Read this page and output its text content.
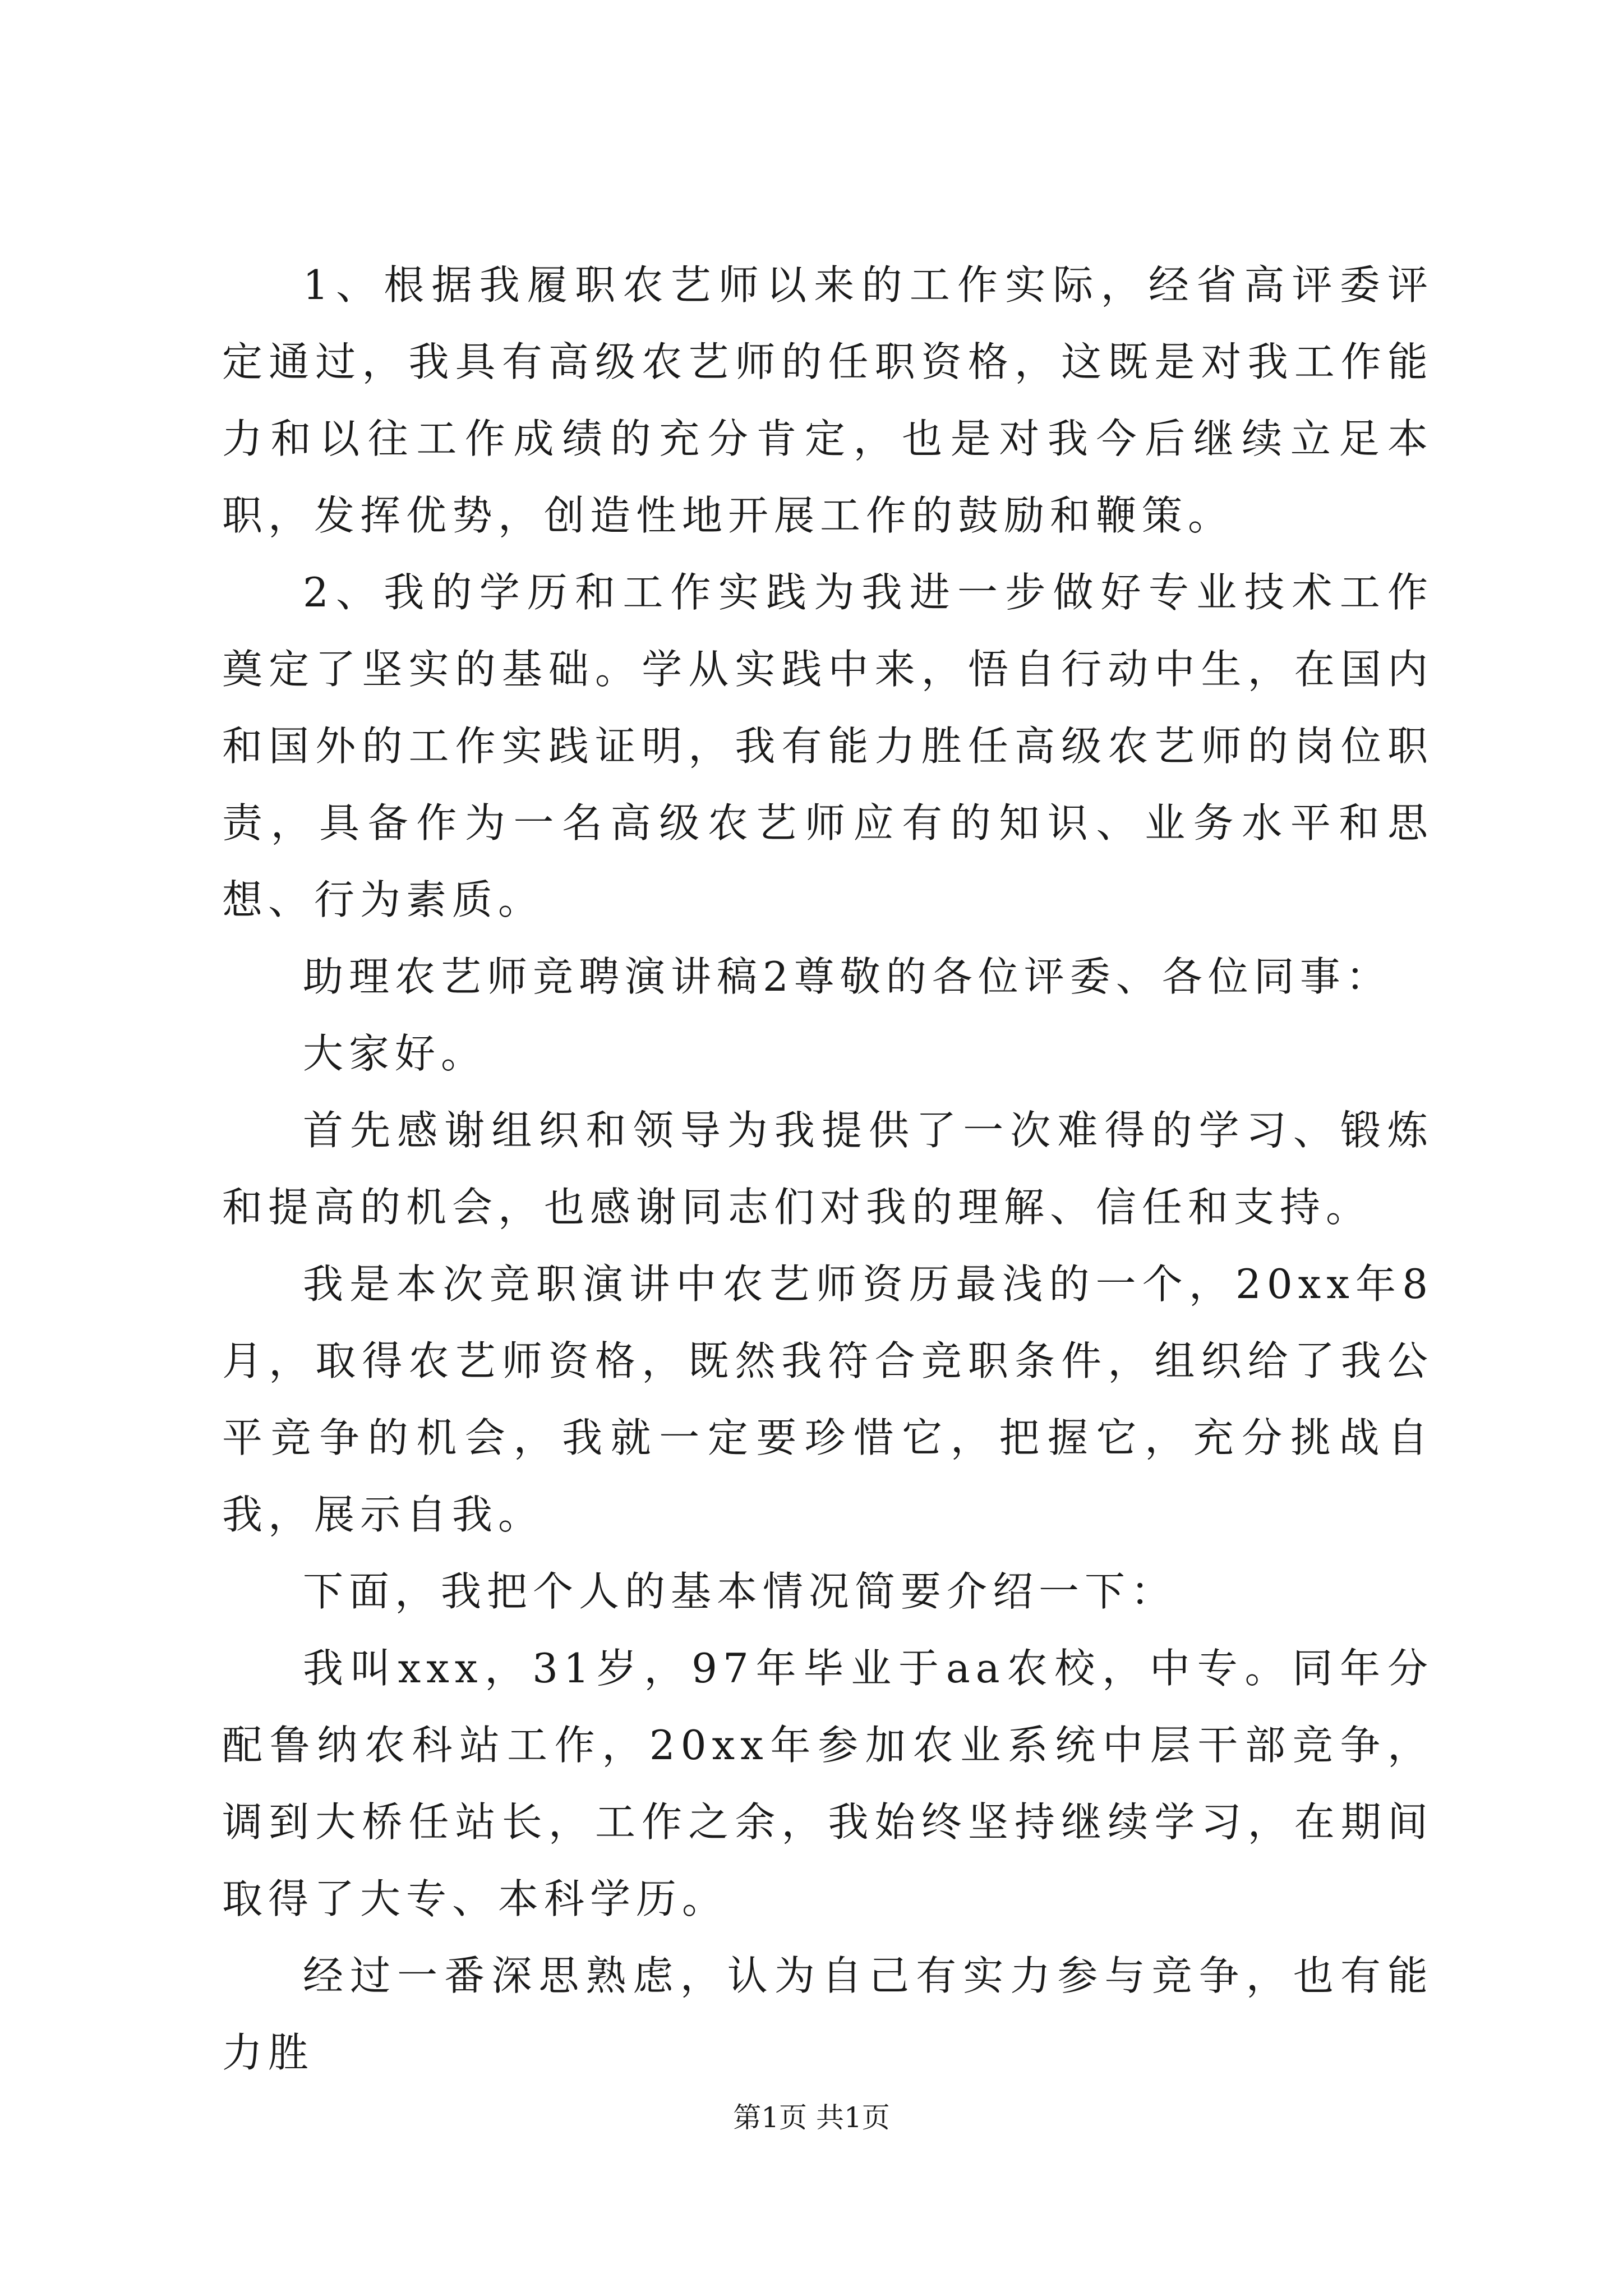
1、根据我履职农艺师以来的工作实际，经省高评委评定通过，我具有高级农艺师的任职资格，这既是对我工作能力和以往工作成绩的充分肯定，也是对我今后继续立足本职，发挥优势，创造性地开展工作的鼓励和鞭策。

2、我的学历和工作实践为我进一步做好专业技术工作奠定了坚实的基础。学从实践中来，悟自行动中生，在国内和国外的工作实践证明，我有能力胜任高级农艺师的岗位职责，具备作为一名高级农艺师应有的知识、业务水平和思想、行为素质。

助理农艺师竞聘演讲稿2尊敬的各位评委、各位同事：

大家好。

首先感谢组织和领导为我提供了一次难得的学习、锻炼和提高的机会，也感谢同志们对我的理解、信任和支持。

我是本次竞职演讲中农艺师资历最浅的一个，20xx年8月，取得农艺师资格，既然我符合竞职条件，组织给了我公平竞争的机会，我就一定要珍惜它，把握它，充分挑战自我，展示自我。

下面，我把个人的基本情况简要介绍一下：

我叫xxx，31岁，97年毕业于aa农校，中专。同年分配鲁纳农科站工作，20xx年参加农业系统中层干部竞争，调到大桥任站长，工作之余，我始终坚持继续学习，在期间取得了大专、本科学历。

经过一番深思熟虑，认为自己有实力参与竞争，也有能力胜

第1页 共1页
